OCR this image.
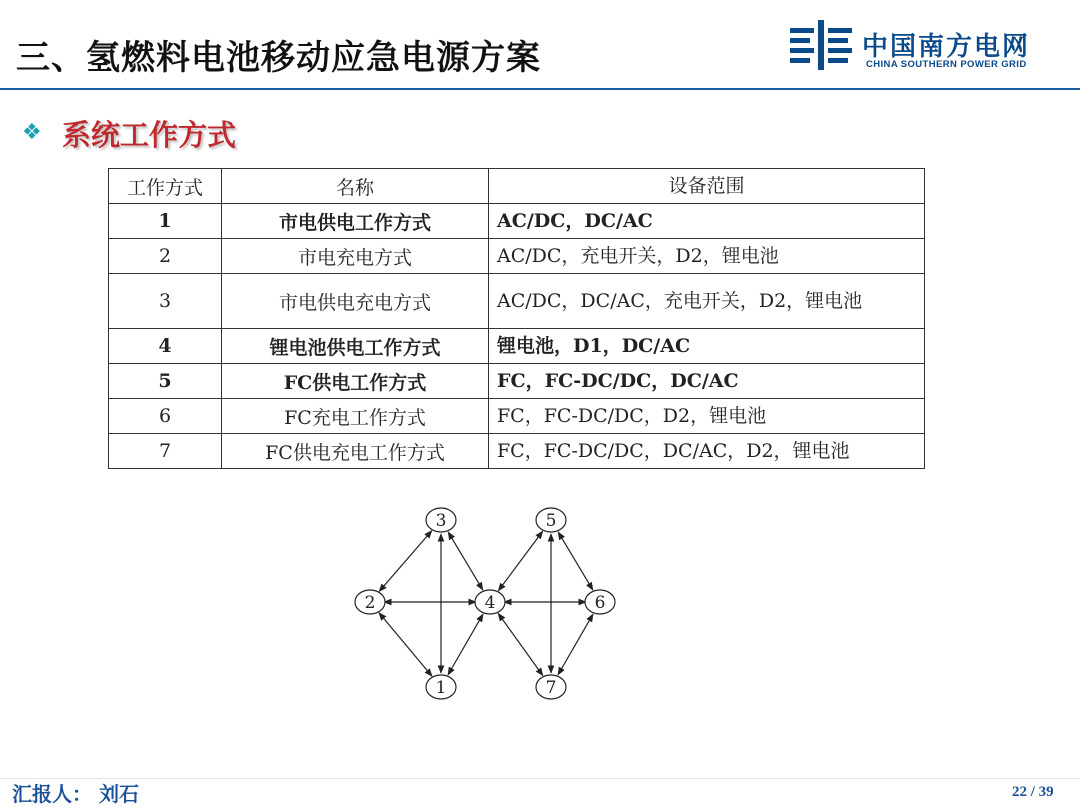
三、氢燃料电池移动应急电源方案	中国南方电网
CHINA SOUTHERN POWER GRID
❖ 系统工作方式
工作方式	名称	设备范围
1	市电供电工作方式	AC/DC，DC/AC
2	市电充电方式	AC/DC，充电开关，D2，锂电池
3	市电供电充电方式	AC/DC，DC/AC，充电开关，D2，锂电池
4	锂电池供电工作方式	锂电池，D1，DC/AC
5	FC供电工作方式	FC，FC-DC/DC，DC/AC
6	FC充电工作方式	FC，FC-DC/DC，D2，锂电池
7	FC供电充电工作方式	FC，FC-DC/DC，DC/AC，D2，锂电池
1
2
3
4
5
6
7
汇报人： 刘石	22 / 39
